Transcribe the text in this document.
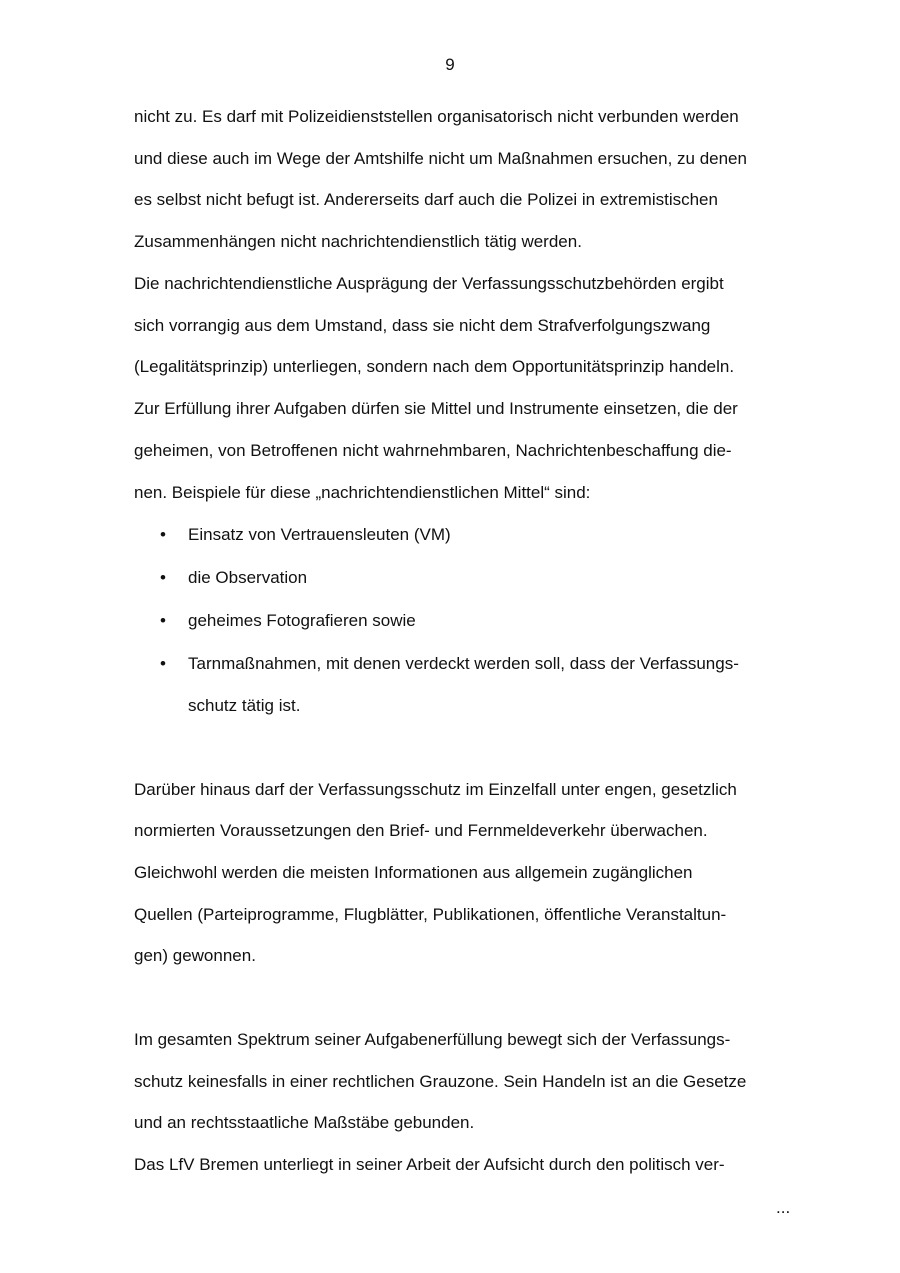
9
nicht zu. Es darf mit Polizeidienststellen organisatorisch nicht verbunden werden
und diese auch im Wege der Amtshilfe nicht um Maßnahmen ersuchen, zu denen
es selbst nicht befugt ist. Andererseits darf auch die Polizei in extremistischen
Zusammenhängen nicht nachrichtendienstlich tätig werden.
Die nachrichtendienstliche Ausprägung der Verfassungsschutzbehörden ergibt
sich vorrangig aus dem Umstand, dass sie nicht dem Strafverfolgungszwang
(Legalitätsprinzip) unterliegen, sondern nach dem Opportunitätsprinzip handeln.
Zur Erfüllung ihrer Aufgaben dürfen sie Mittel und Instrumente einsetzen, die der
geheimen, von Betroffenen nicht wahrnehmbaren, Nachrichtenbeschaffung die-
nen. Beispiele für diese „nachrichtendienstlichen Mittel“ sind:
• Einsatz von Vertrauensleuten (VM)
• die Observation
• geheimes Fotografieren sowie
• Tarnmaßnahmen, mit denen verdeckt werden soll, dass der Verfassungs-
schutz tätig ist.
Darüber hinaus darf der Verfassungsschutz im Einzelfall unter engen, gesetzlich
normierten Voraussetzungen den Brief- und Fernmeldeverkehr überwachen.
Gleichwohl werden die meisten Informationen aus allgemein zugänglichen
Quellen (Parteiprogramme, Flugblätter, Publikationen, öffentliche Veranstaltun-
gen) gewonnen.
Im gesamten Spektrum seiner Aufgabenerfüllung bewegt sich der Verfassungs-
schutz keinesfalls in einer rechtlichen Grauzone. Sein Handeln ist an die Gesetze
und an rechtsstaatliche Maßstäbe gebunden.
Das LfV Bremen unterliegt in seiner Arbeit der Aufsicht durch den politisch ver-
...
